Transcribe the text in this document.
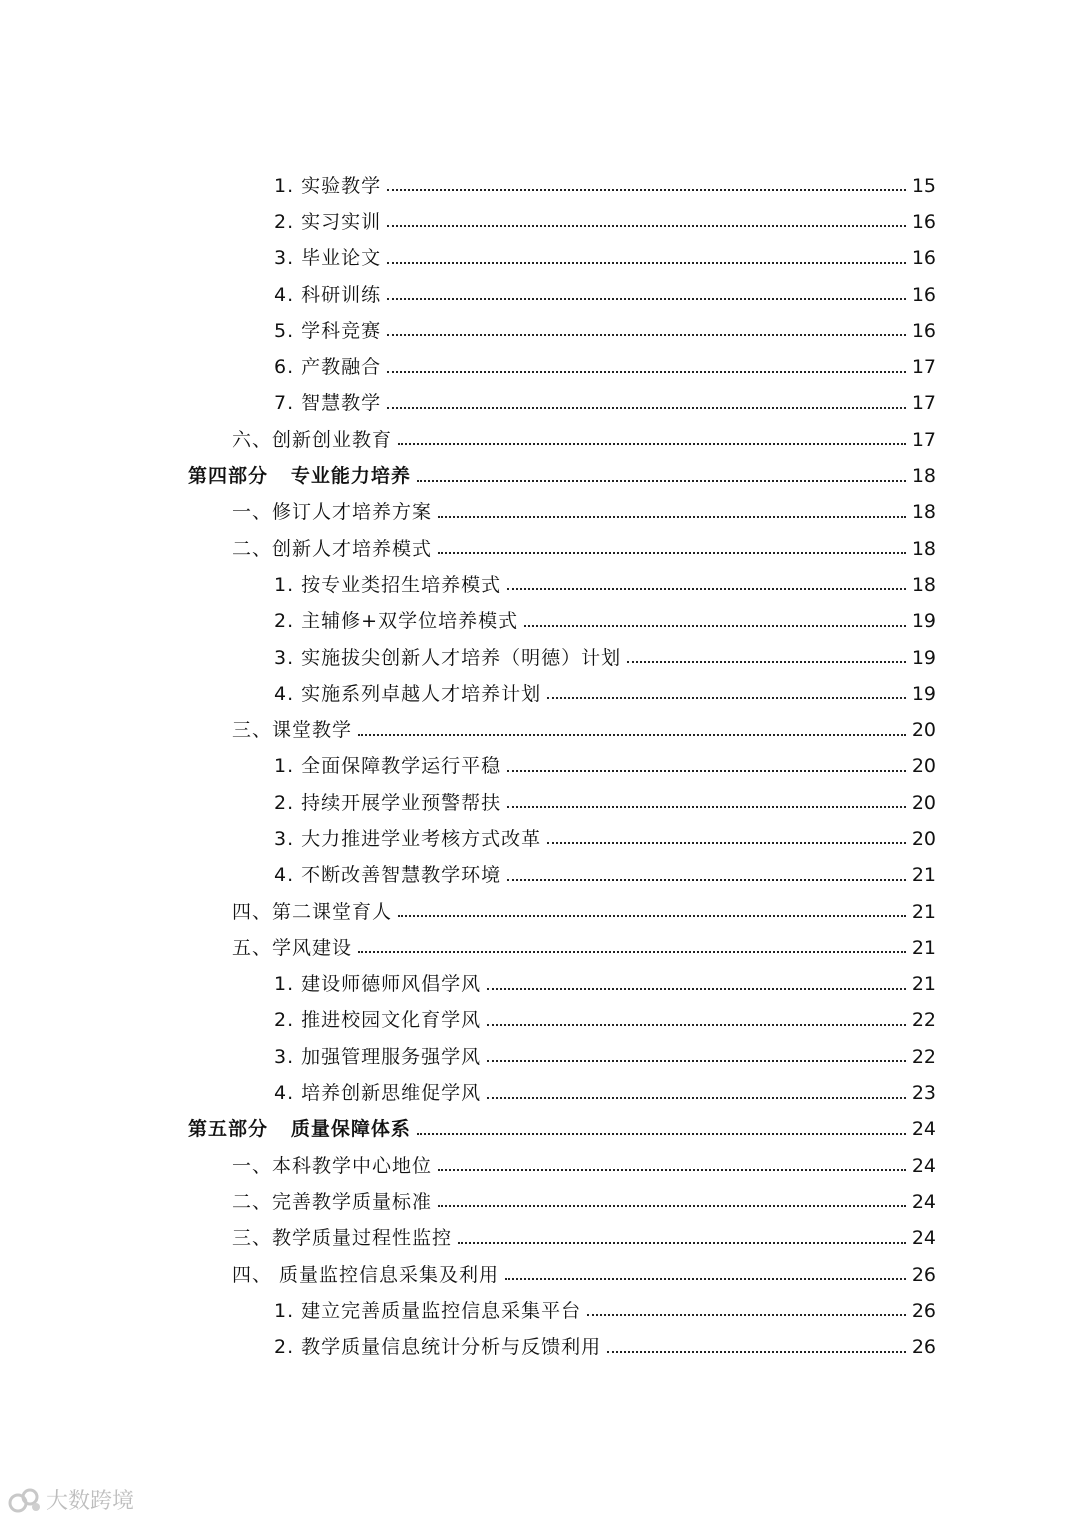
1. 实验教学	15
2. 实习实训	16
3. 毕业论文	16
4. 科研训练	16
5. 学科竞赛	16
6. 产教融合	17
7. 智慧教学	17
六、创新创业教育	17
第四部分   专业能力培养	18
一、修订人才培养方案	18
二、创新人才培养模式	18
1. 按专业类招生培养模式	18
2. 主辅修+双学位培养模式	19
3. 实施拔尖创新人才培养（明德）计划	19
4. 实施系列卓越人才培养计划	19
三、课堂教学	20
1. 全面保障教学运行平稳	20
2. 持续开展学业预警帮扶	20
3. 大力推进学业考核方式改革	20
4. 不断改善智慧教学环境	21
四、第二课堂育人	21
五、学风建设	21
1. 建设师德师风倡学风	21
2. 推进校园文化育学风	22
3. 加强管理服务强学风	22
4. 培养创新思维促学风	23
第五部分   质量保障体系	24
一、本科教学中心地位	24
二、完善教学质量标准	24
三、教学质量过程性监控	24
四、 质量监控信息采集及利用	26
1. 建立完善质量监控信息采集平台	26
2. 教学质量信息统计分析与反馈利用	26
大数跨境
